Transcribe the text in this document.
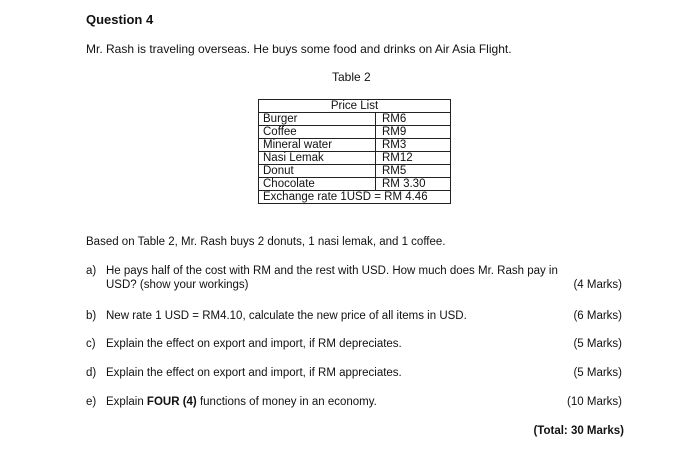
Question 4
Mr. Rash is traveling overseas. He buys some food and drinks on Air Asia Flight.
Table 2
Price List	
Burger	RM6
Coffee	RM9
Mineral water	RM3
Nasi Lemak	RM12
Donut	RM5
Chocolate	RM 3.30
Exchange rate 1USD = RM 4.46	
Based on Table 2, Mr. Rash buys 2 donuts, 1 nasi lemak, and 1 coffee.
a) He pays half of the cost with RM and the rest with USD. How much does Mr. Rash pay in
USD? (show your workings)	(4 Marks)
b) New rate 1 USD = RM4.10, calculate the new price of all items in USD.	(6 Marks)
c) Explain the effect on export and import, if RM depreciates.	(5 Marks)
d) Explain the effect on export and import, if RM appreciates.	(5 Marks)
e) Explain FOUR (4) functions of money in an economy.	(10 Marks)
(Total: 30 Marks)
